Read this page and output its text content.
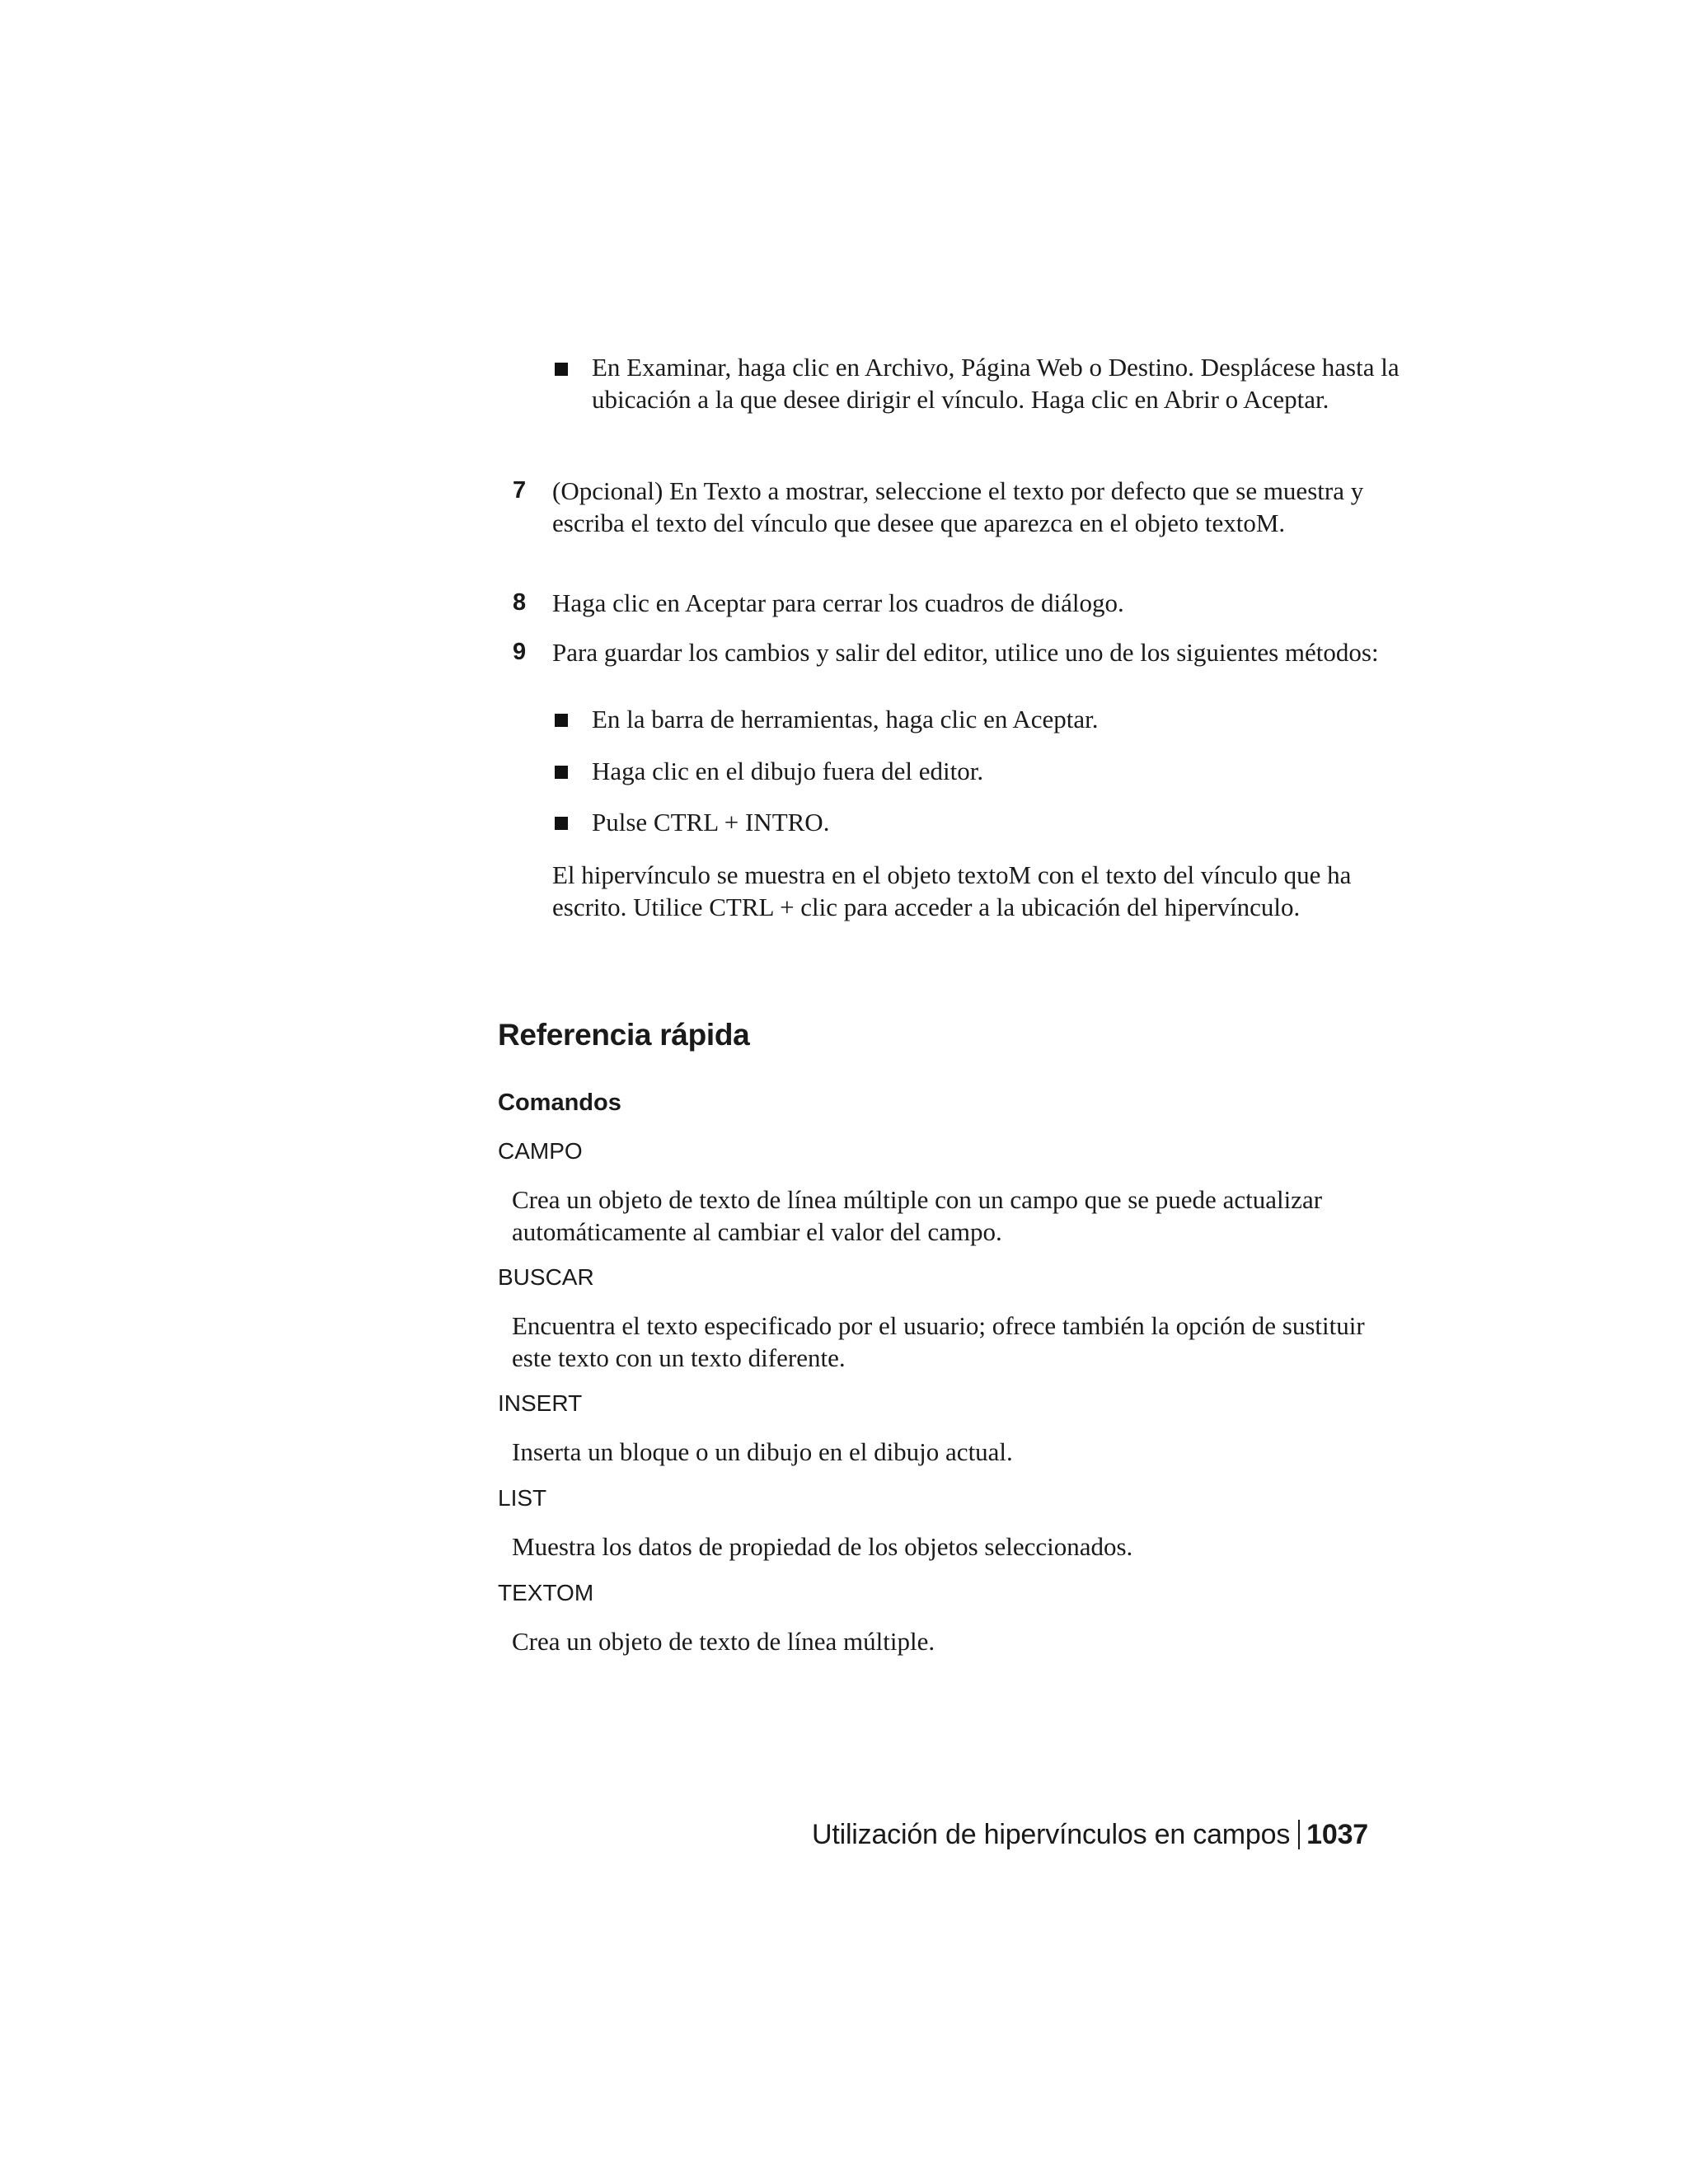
En Examinar, haga clic en Archivo, Página Web o Destino. Desplácese hasta la ubicación a la que desee dirigir el vínculo. Haga clic en Abrir o Aceptar.

7	(Opcional) En Texto a mostrar, seleccione el texto por defecto que se muestra y escriba el texto del vínculo que desee que aparezca en el objeto textoM.

8	Haga clic en Aceptar para cerrar los cuadros de diálogo.

9	Para guardar los cambios y salir del editor, utilice uno de los siguientes métodos:

En la barra de herramientas, haga clic en Aceptar.

Haga clic en el dibujo fuera del editor.

Pulse CTRL + INTRO.

El hipervínculo se muestra en el objeto textoM con el texto del vínculo que ha escrito. Utilice CTRL + clic para acceder a la ubicación del hipervínculo.

Referencia rápida
Comandos
CAMPO

Crea un objeto de texto de línea múltiple con un campo que se puede actualizar automáticamente al cambiar el valor del campo.

BUSCAR

Encuentra el texto especificado por el usuario; ofrece también la opción de sustituir este texto con un texto diferente.

INSERT

Inserta un bloque o un dibujo en el dibujo actual.

LIST

Muestra los datos de propiedad de los objetos seleccionados.

TEXTOM

Crea un objeto de texto de línea múltiple.

Utilización de hipervínculos en campos 1037
